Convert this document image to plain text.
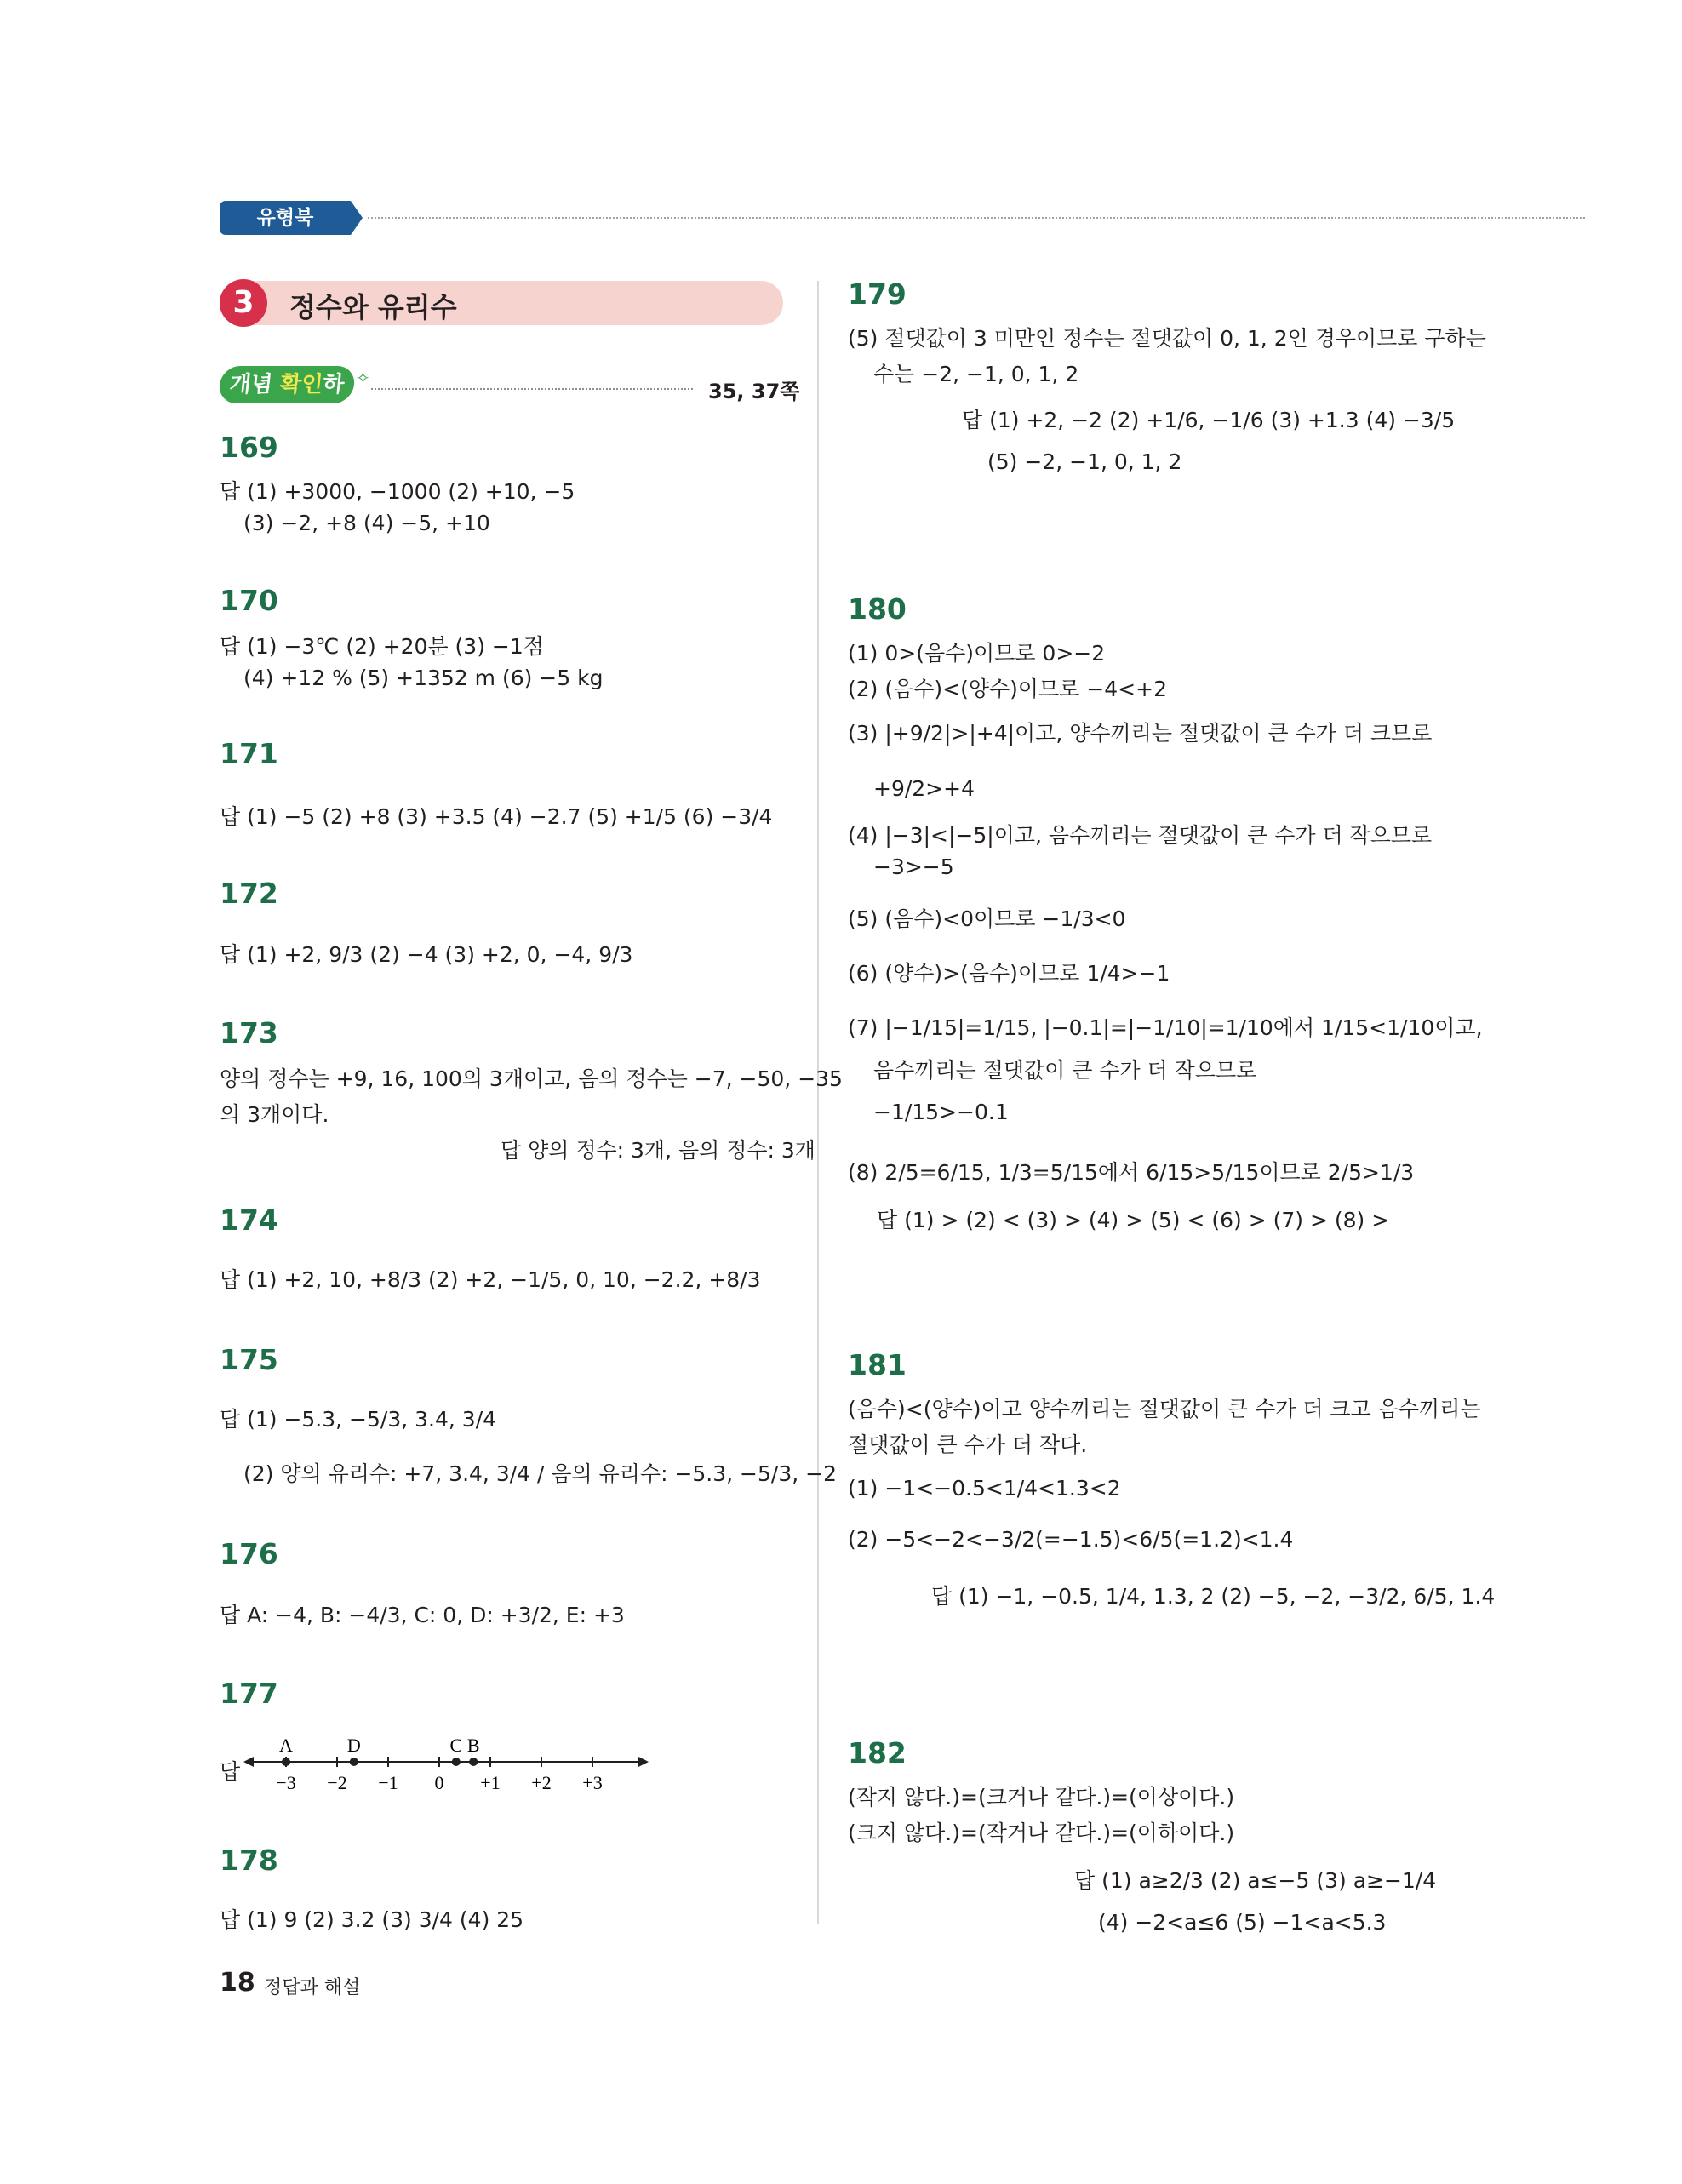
유형북
3	정수와 유리수
개념 확인하기
✧
35, 37쪽
169
답 (1) +3000, −1000 (2) +10, −5
(3) −2, +8 (4) −5, +10
170
답 (1) −3℃ (2) +20분 (3) −1점
(4) +12 % (5) +1352 m (6) −5 kg
171
답 (1) −5 (2) +8 (3) +3.5 (4) −2.7 (5) +1/5 (6) −3/4
172
답 (1) +2, 9/3 (2) −4 (3) +2, 0, −4, 9/3
173
양의 정수는 +9, 16, 100의 3개이고, 음의 정수는 −7, −50, −35
의 3개이다.
답 양의 정수: 3개, 음의 정수: 3개
174
답 (1) +2, 10, +8/3 (2) +2, −1/5, 0, 10, −2.2, +8/3
175
답 (1) −5.3, −5/3, 3.4, 3/4
(2) 양의 유리수: +7, 3.4, 3/4 / 음의 유리수: −5.3, −5/3, −2
176
답 A: −4, B: −4/3, C: 0, D: +3/2, E: +3
177
답 −3 −2 −1 0 +1 +2 +3
A	D	C B
178
답 (1) 9 (2) 3.2 (3) 3/4 (4) 25
179
(5) 절댓값이 3 미만인 정수는 절댓값이 0, 1, 2인 경우이므로 구하는
수는 −2, −1, 0, 1, 2
답 (1) +2, −2 (2) +1/6, −1/6 (3) +1.3 (4) −3/5
(5) −2, −1, 0, 1, 2
180
(1) 0>(음수)이므로 0>−2
(2) (음수)<(양수)이므로 −4<+2
(3) |+9/2|>|+4|이고, 양수끼리는 절댓값이 큰 수가 더 크므로
+9/2>+4
(4) |−3|<|−5|이고, 음수끼리는 절댓값이 큰 수가 더 작으므로
−3>−5
(5) (음수)<0이므로 −1/3<0
(6) (양수)>(음수)이므로 1/4>−1
(7) |−1/15|=1/15, |−0.1|=|−1/10|=1/10에서 1/15<1/10이고,
음수끼리는 절댓값이 큰 수가 더 작으므로
−1/15>−0.1
(8) 2/5=6/15, 1/3=5/15에서 6/15>5/15이므로 2/5>1/3
답 (1) > (2) < (3) > (4) > (5) < (6) > (7) > (8) >
181
(음수)<(양수)이고 양수끼리는 절댓값이 큰 수가 더 크고 음수끼리는
절댓값이 큰 수가 더 작다.
(1) −1<−0.5<1/4<1.3<2
(2) −5<−2<−3/2(=−1.5)<6/5(=1.2)<1.4
답 (1) −1, −0.5, 1/4, 1.3, 2 (2) −5, −2, −3/2, 6/5, 1.4
182
(작지 않다.)=(크거나 같다.)=(이상이다.)
(크지 않다.)=(작거나 같다.)=(이하이다.)
답 (1) a≥2/3 (2) a≤−5 (3) a≥−1/4
(4) −2<a≤6 (5) −1<a<5.3
18 정답과 해설
